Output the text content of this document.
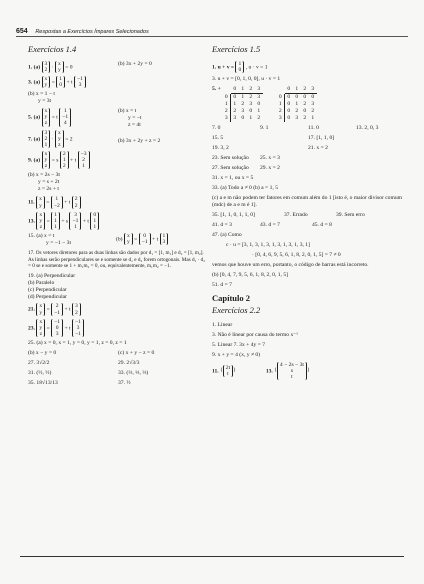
654 Respostas a Exercícios Ímpares Selecionados
Exercícios 1.4
1. (a)
3
2 ·
x
y = 0
(b) 3x + 2y = 0
3. (a)
x
y =
1
0 + t
−1
3
(b) x = 1 − t
y = 3t
5. (a)
x
y
z
= t
1
−1
4
(b) x = t
y = −t
z = 4t
7. (a)
3
2
1
·
x
y
z
= 2	(b) 3x + 2y + z = 2
9. (a)
x
y
z
= s
2
1
2
+ t
−3
2
1
(b) x = 2s − 3t
y = s + 2t
z = 2s + t
11.
x
y =
1
−2 + t
2
2
13.
x
y
z
=
1
1
1
+ s
3
−1
1
+ t
0
1
1
15. (a) x = t
y = −1 − 3t
(b)
x
y =
0
−1 + t
1
3
17. Os vetores diretores para as duas linhas são dados por d₁ = [1, m₁] e d₂ = [1, m₂]. As linhas serão perpendiculares se e somente se d₁ e d₂ forem ortogonais. Mas d₁ · d₂ = 0 se e somente se 1 + m₁m₂ = 0, ou, equivalentemente, m₁m₂ = −1.
19. (a) Perpendicular
(b) Paralelo
(c) Perpendicular
(d) Perpendicular
21.
x
y =
2
−1 + t
3
2
23.
x
y
z
=
−1
0
3
+ t
−1
3
−1
25. (a) x = 0, x = 1, y = 0, y = 1, z = 0, z = 1
(b) x − y = 0	(c) x + y − z = 0
27. 3√2/2	29. 2√3/3
31. (½, ½)	33. (⅔, ⅓, ⅔)
35. 18√13/13	37. ½
Exercícios 1.5
1. u + v =
1
0 , u · v = 1
3. u + v = [0, 1, 0, 0], u · v = 1
5. +	0 1 2 3
0	0 1 2 3
1	1 2 3 0
2	2 3 0 1
3	3 0 1 2
0 1 2 3
0	0 0 0 0
1	0 1 2 3
2	0 2 0 2
3	0 3 2 1
7. 0	9. 1	11. 0	13. 2, 0, 3
15. 5	17. [1, 1, 0]
19. 3, 2	21. x = 2
23. Sem solução	25. x = 3
27. Sem solução	29. x = 2
31. x = 1, ou x = 5
33. (a) Todo a ≠ 0 (b) a = 1, 5
(c) a e m não podem ter fatores em comum além do 1 [isto é, o maior divisor comum (mdc) de a e m é 1].
35. [1, 1, 0, 1, 1, 0]	37. Errado	39. Sem erro
41. d = 3	43. d = 7	45. d = 8
47. (a) Como
c · u = [3, 1, 3, 1, 3, 1, 3, 1, 3, 1, 3, 1]
· [0, 4, 6, 9, 5, 6, 1, 8, 2, 0, 1, 5] = 7 ≠ 0
vemos que houve um erro, portanto, o código de barras está incorreto.
(b) [0, 4, 7, 9, 5, 6, 1, 8, 2, 0, 1, 5]
51. d = 7
Capítulo 2
Exercícios 2.2
1. Linear
3. Não é linear por causa do termo x⁻¹
5. Linear 7. 3x + 4y = 7
9. x + y = 4 (x, y ≠ 0)
11. { 2t
t
}	13. {
4 − 2s − 3t
s
t
}
